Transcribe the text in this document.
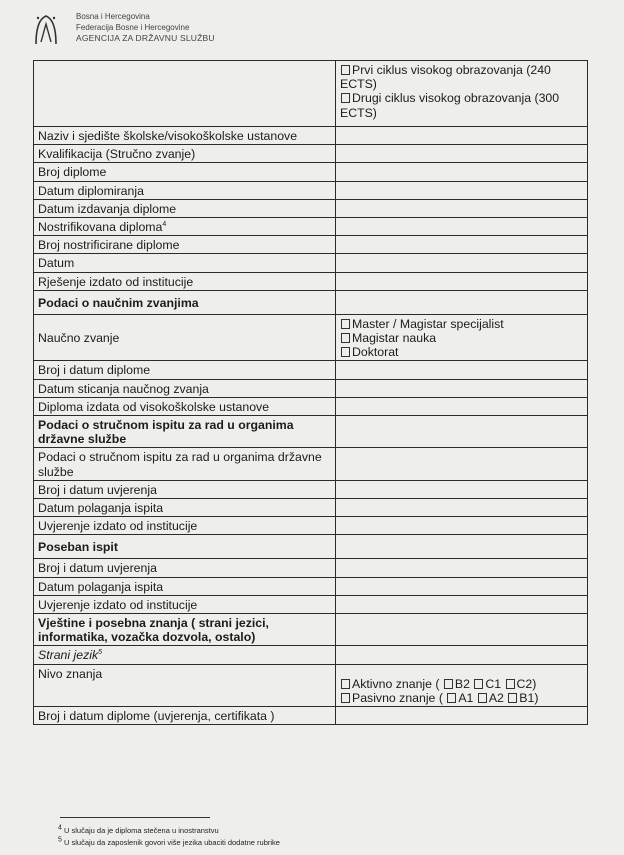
Bosna i Hercegovina
Federacija Bosne i Hercegovine
AGENCIJA ZA DRŽAVNU SLUŽBU

	Prvi ciklus visokog obrazovanja (240 ECTS)
Drugi ciklus visokog obrazovanja (300 ECTS)

Naziv i sjedište školske/visokoškolske ustanove	
Kvalifikacija (Stručno zvanje)	
Broj diplome	
Datum diplomiranja	
Datum izdavanja diplome	
Nostrifikovana diploma$^4$	
Broj nostrificirane diplome	
Datum	
Rješenje izdato od institucije	
Podaci o naučnim zvanjima	
Naučno zvanje	Master / Magistar specijalist
Magistar nauka
Doktorat

Broj i datum diplome	
Datum sticanja naučnog zvanja	
Diploma izdata od visokoškolske ustanove	
Podaci o stručnom ispitu za rad u organima državne službe	
Podaci o stručnom ispitu za rad u organima državne službe	
Broj i datum uvjerenja	
Datum polaganja ispita	
Uvjerenje izdato od institucije	
Poseban ispit	
Broj i datum uvjerenja	
Datum polaganja ispita	
Uvjerenje izdato od institucije	
Vještine i posebna znanja ( strani jezici, informatika, vozačka dozvola, ostalo)	
Strani jezik$^5$	
Nivo znanja	Aktivno znanje ( B2 C1 C2)
Pasivno znanje ( A1 A2 B1)

Broj i datum diplome (uvjerenja, certifikata )	
$^4$ U slučaju da je diploma stečena u inostranstvu
$^5$ U slučaju da zaposlenik govori više jezika ubaciti dodatne rubrike
